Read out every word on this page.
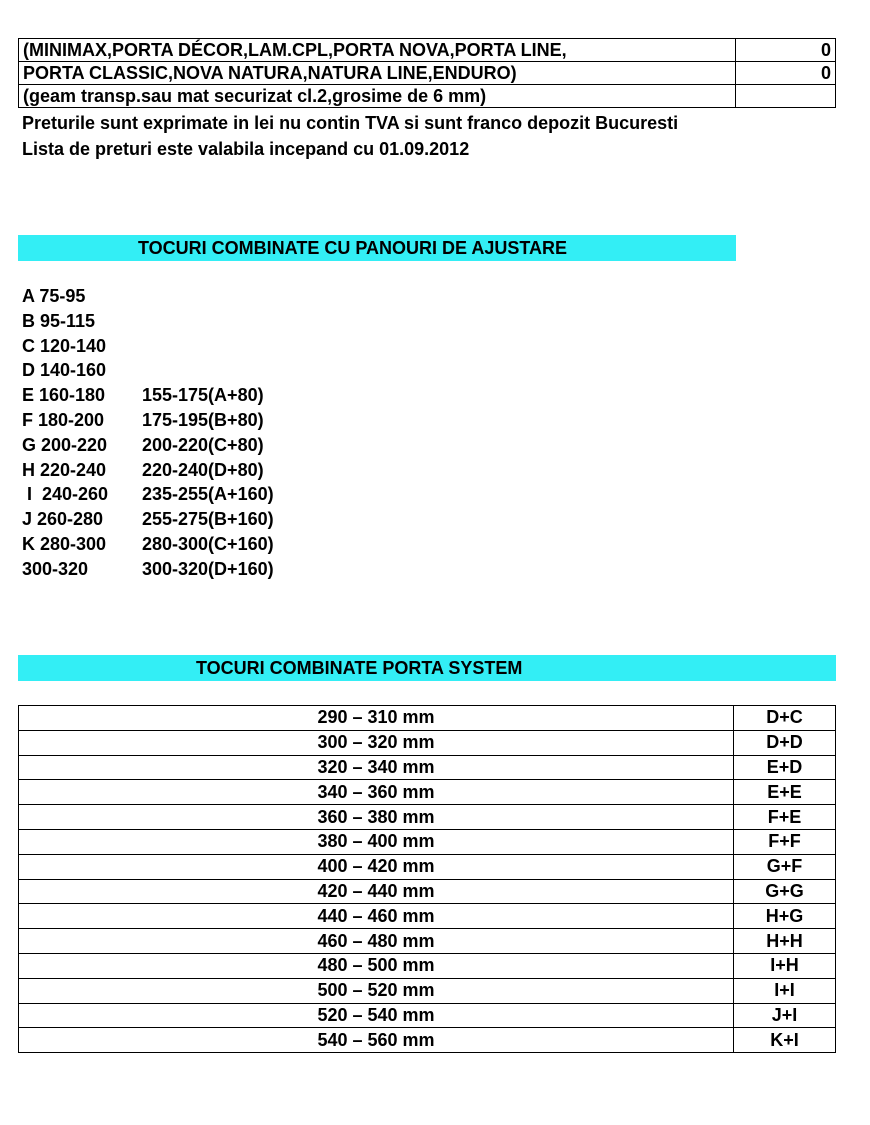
(MINIMAX,PORTA DÉCOR,LAM.CPL,PORTA NOVA,PORTA LINE,	0
PORTA CLASSIC,NOVA NATURA,NATURA LINE,ENDURO)	0
(geam transp.sau mat securizat cl.2,grosime de 6 mm)	
Preturile sunt exprimate in lei nu contin TVA si sunt franco depozit Bucuresti
Lista de preturi este valabila incepand cu 01.09.2012
TOCURI COMBINATE CU PANOURI DE AJUSTARE
A 75-95
B 95-115
C 120-140
D 140-160
E 160-180 155-175(A+80)
F 180-200 175-195(B+80)
G 200-220 200-220(C+80)
H 220-240 220-240(D+80)
I  240-260 235-255(A+160)
J 260-280 255-275(B+160)
K 280-300 280-300(C+160)
300-320	300-320(D+160)
TOCURI COMBINATE PORTA SYSTEM
290 – 310 mm	D+C
300 – 320 mm	D+D
320 – 340 mm	E+D
340 – 360 mm	E+E
360 – 380 mm	F+E
380 – 400 mm	F+F
400 – 420 mm	G+F
420 – 440 mm	G+G
440 – 460 mm	H+G
460 – 480 mm	H+H
480 – 500 mm	I+H
500 – 520 mm	I+I
520 – 540 mm	J+I
540 – 560 mm	K+I
